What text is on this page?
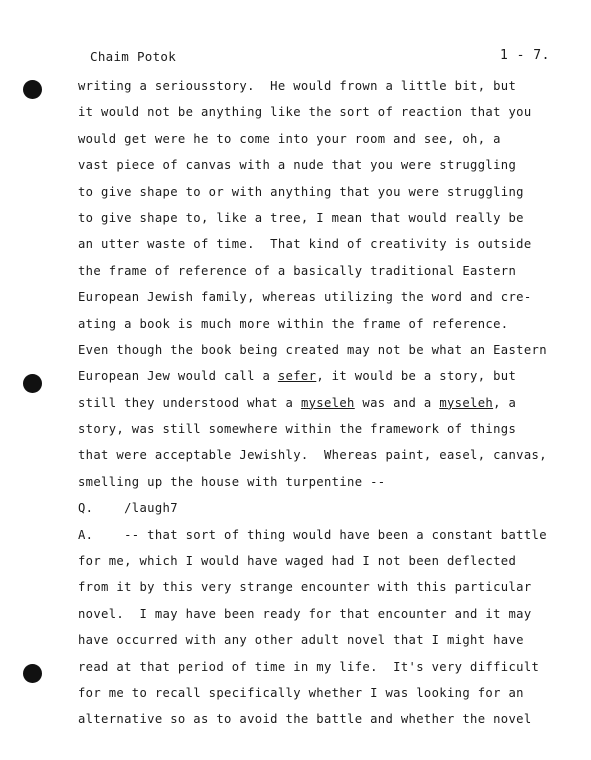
Chaim Potok	1 - 7.
writing a seriousstory.  He would frown a little bit, but
it would not be anything like the sort of reaction that you
would get were he to come into your room and see, oh, a
vast piece of canvas with a nude that you were struggling
to give shape to or with anything that you were struggling
to give shape to, like a tree, I mean that would really be
an utter waste of time.  That kind of creativity is outside
the frame of reference of a basically traditional Eastern
European Jewish family, whereas utilizing the word and cre-
ating a book is much more within the frame of reference.
Even though the book being created may not be what an Eastern
European Jew would call a sefer, it would be a story, but
still they understood what a myseleh was and a myseleh, a
story, was still somewhere within the framework of things
that were acceptable Jewishly.  Whereas paint, easel, canvas,
smelling up the house with turpentine --
Q.    /laugh7
A.    -- that sort of thing would have been a constant battle
for me, which I would have waged had I not been deflected
from it by this very strange encounter with this particular
novel.  I may have been ready for that encounter and it may
have occurred with any other adult novel that I might have
read at that period of time in my life.  It's very difficult
for me to recall specifically whether I was looking for an
alternative so as to avoid the battle and whether the novel
